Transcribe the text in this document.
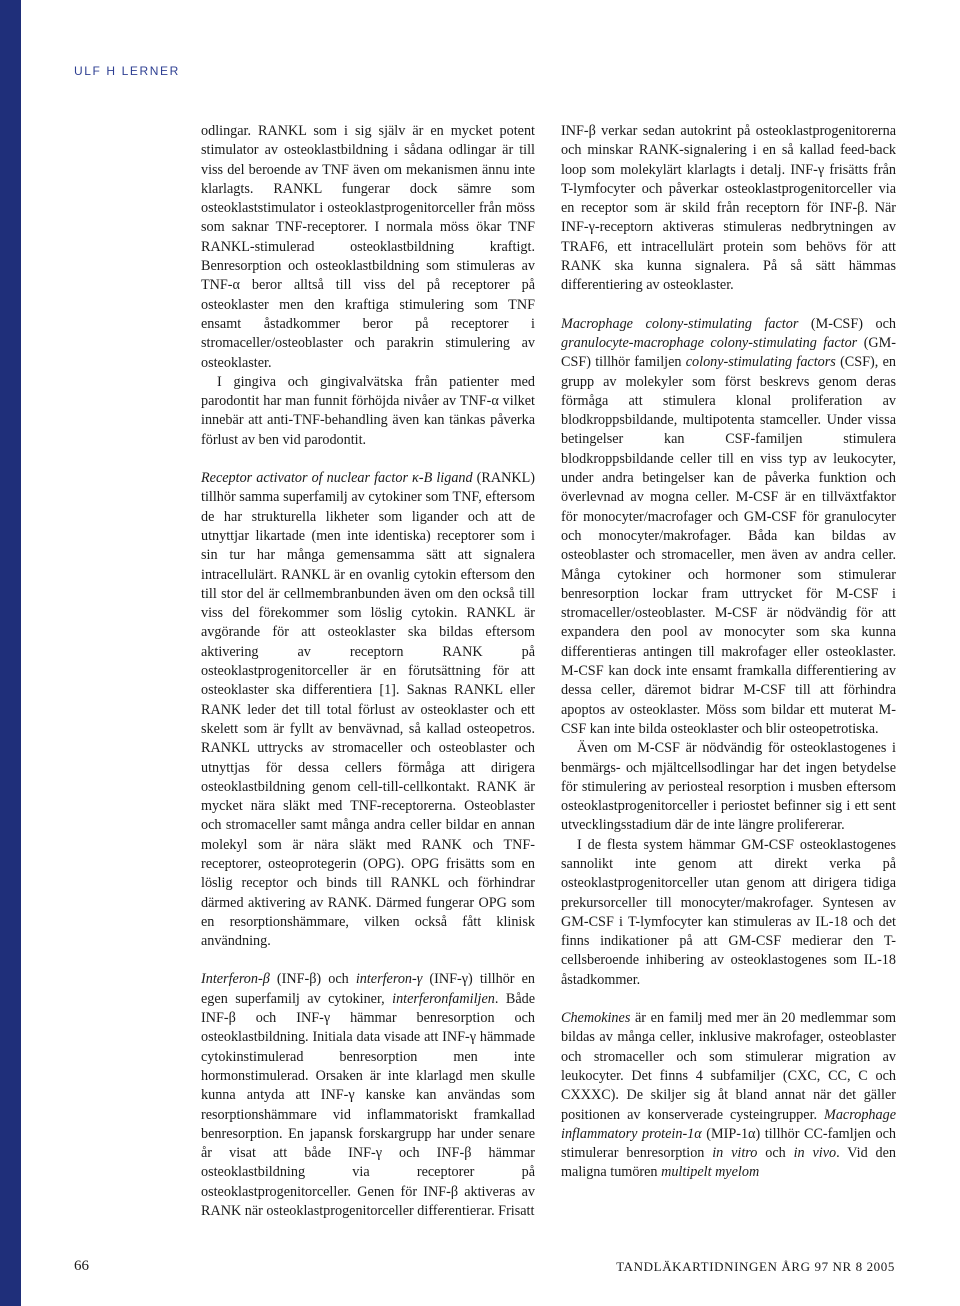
ULF H LERNER

odlingar. RANKL som i sig själv är en mycket potent stimulator av osteoklastbildning i sådana odlingar är till viss del beroende av TNF även om mekanismen ännu inte klarlagts. RANKL fungerar dock sämre som osteoklaststimulator i osteoklastprogenitorceller från möss som saknar TNF-receptorer. I normala möss ökar TNF RANKL-stimulerad osteoklastbildning kraftigt. Benresorption och osteoklastbildning som stimuleras av TNF-α beror alltså till viss del på receptorer på osteoklaster men den kraftiga stimulering som TNF ensamt åstadkommer beror på receptorer i stromaceller/osteoblaster och parakrin stimulering av osteoklaster.

I gingiva och gingivalvätska från patienter med parodontit har man funnit förhöjda nivåer av TNF-α vilket innebär att anti-TNF-behandling även kan tänkas påverka förlust av ben vid parodontit.

Receptor activator of nuclear factor κ-B ligand (RANKL) tillhör samma superfamilj av cytokiner som TNF, eftersom de har strukturella likheter som ligander och att de utnyttjar likartade (men inte identiska) receptorer som i sin tur har många gemensamma sätt att signalera intracellulärt. RANKL är en ovanlig cytokin eftersom den till stor del är cellmembranbunden även om den också till viss del förekommer som löslig cytokin. RANKL är avgörande för att osteoklaster ska bildas eftersom aktivering av receptorn RANK på osteoklastprogenitorceller är en förutsättning för att osteoklaster ska differentiera [1]. Saknas RANKL eller RANK leder det till total förlust av osteoklaster och ett skelett som är fyllt av benvävnad, så kallad osteopetros. RANKL uttrycks av stromaceller och osteoblaster och utnyttjas för dessa cellers förmåga att dirigera osteoklastbildning genom cell-till-cellkontakt. RANK är mycket nära släkt med TNF-receptorerna. Osteoblaster och stromaceller samt många andra celler bildar en annan molekyl som är nära släkt med RANK och TNF-receptorer, osteoprotegerin (OPG). OPG frisätts som en löslig receptor och binds till RANKL och förhindrar därmed aktivering av RANK. Därmed fungerar OPG som en resorptionshämmare, vilken också fått klinisk användning.

Interferon-β (INF-β) och interferon-γ (INF-γ) tillhör en egen superfamilj av cytokiner, interferonfamiljen. Både INF-β och INF-γ hämmar benresorption och osteoklastbildning. Initiala data visade att INF-γ hämmade cytokinstimulerad benresorption men inte hormonstimulerad. Orsaken är inte klarlagd men skulle kunna antyda att INF-γ kanske kan användas som resorptionshämmare vid inflammatoriskt framkallad benresorption. En japansk forskargrupp har under senare år visat att både INF-γ och INF-β hämmar osteoklastbildning via receptorer på osteoklastprogenitorceller. Genen för INF-β aktiveras av RANK när osteoklastprogenitorceller differentierar. Frisatt

INF-β verkar sedan autokrint på osteoklastprogenitorerna och minskar RANK-signalering i en så kallad feed-back loop som molekylärt klarlagts i detalj. INF-γ frisätts från T-lymfocyter och påverkar osteoklastprogenitorceller via en receptor som är skild från receptorn för INF-β. När INF-γ-receptorn aktiveras stimuleras nedbrytningen av TRAF6, ett intracellulärt protein som behövs för att RANK ska kunna signalera. På så sätt hämmas differentiering av osteoklaster.

Macrophage colony-stimulating factor (M-CSF) och granulocyte-macrophage colony-stimulating factor (GM-CSF) tillhör familjen colony-stimulating factors (CSF), en grupp av molekyler som först beskrevs genom deras förmåga att stimulera klonal proliferation av blodkroppsbildande, multipotenta stamceller. Under vissa betingelser kan CSF-familjen stimulera blodkroppsbildande celler till en viss typ av leukocyter, under andra betingelser kan de påverka funktion och överlevnad av mogna celler. M-CSF är en tillväxtfaktor för monocyter/macrofager och GM-CSF för granulocyter och monocyter/makrofager. Båda kan bildas av osteoblaster och stromaceller, men även av andra celler. Många cytokiner och hormoner som stimulerar benresorption lockar fram uttrycket för M-CSF i stromaceller/osteoblaster. M-CSF är nödvändig för att expandera den pool av monocyter som ska kunna differentieras antingen till makrofager eller osteoklaster. M-CSF kan dock inte ensamt framkalla differentiering av dessa celler, däremot bidrar M-CSF till att förhindra apoptos av osteoklaster. Möss som bildar ett muterat M-CSF kan inte bilda osteoklaster och blir osteopetrotiska.

Även om M-CSF är nödvändig för osteoklastogenes i benmärgs- och mjältcellsodlingar har det ingen betydelse för stimulering av periosteal resorption i musben eftersom osteoklastprogenitorceller i periostet befinner sig i ett sent utvecklingsstadium där de inte längre prolifererar.

I de flesta system hämmar GM-CSF osteoklastogenes sannolikt inte genom att direkt verka på osteoklastprogenitorceller utan genom att dirigera tidiga prekursorceller till monocyter/makrofager. Syntesen av GM-CSF i T-lymfocyter kan stimuleras av IL-18 och det finns indikationer på att GM-CSF medierar den T-cellsberoende inhibering av osteoklastogenes som IL-18 åstadkommer.

Chemokines är en familj med mer än 20 medlemmar som bildas av många celler, inklusive makrofager, osteoblaster och stromaceller och som stimulerar migration av leukocyter. Det finns 4 subfamiljer (CXC, CC, C och CXXXC). De skiljer sig åt bland annat när det gäller positionen av konserverade cysteingrupper. Macrophage inflammatory protein-1α (MIP-1α) tillhör CC-famljen och stimulerar benresorption in vitro och in vivo. Vid den maligna tumören multipelt myelom

66	TANDLÄKARTIDNINGEN ÅRG 97 NR 8 2005
